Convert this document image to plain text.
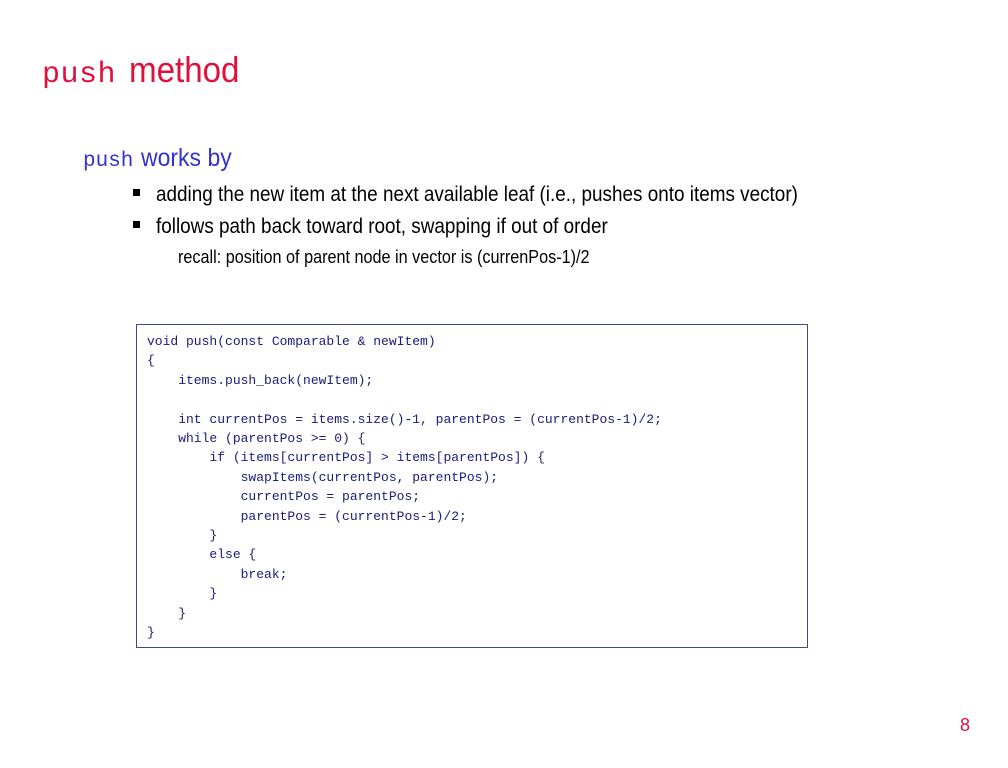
push method
push works by
adding the new item at the next available leaf (i.e., pushes onto items vector)
follows path back toward root, swapping if out of order
recall: position of parent node in vector is (currenPos-1)/2
void push(const Comparable & newItem)
{
items.push_back(newItem);

int currentPos = items.size()-1, parentPos = (currentPos-1)/2;
while (parentPos >= 0) {
if (items[currentPos] > items[parentPos]) {
swapItems(currentPos, parentPos);
currentPos = parentPos;
parentPos = (currentPos-1)/2;
}
else {
break;
}
}
}

8
